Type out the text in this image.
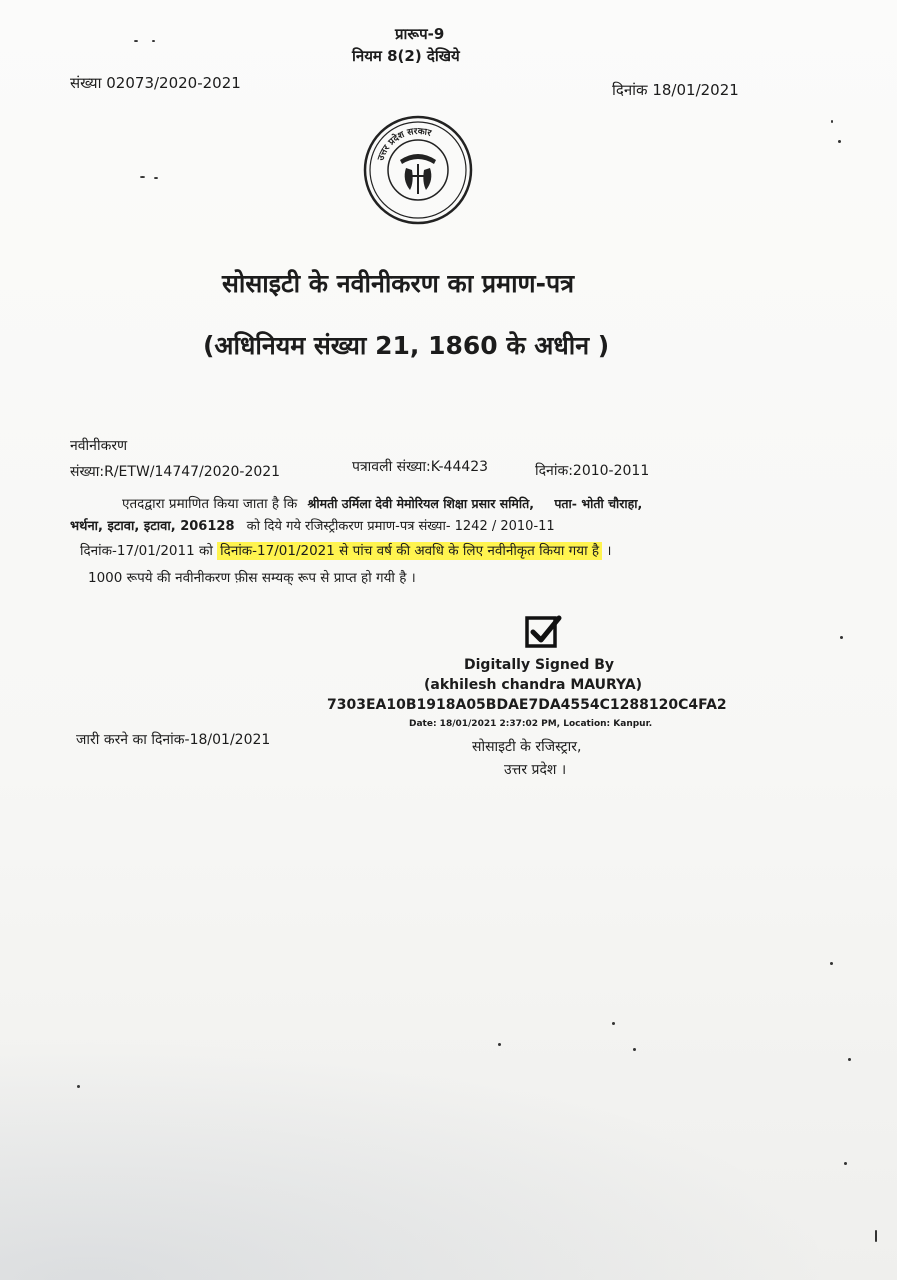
प्रारूप-9
नियम 8(2) देखिये
संख्या 02073/2020-2021	दिनांक 18/01/2021
उत्तर प्रदेश सरकार
सोसाइटी के नवीनीकरण का प्रमाण-पत्र
(अधिनियम संख्या 21, 1860 के अधीन )
नवीनीकरण
संख्या:R/ETW/14747/2020-2021	पत्रावली संख्या:K-44423	दिनांक:2010-2011
एतदद्वारा प्रमाणित किया जाता है कि श्रीमती उर्मिला देवी मेमोरियल शिक्षा प्रसार समिति, पता- भोती चौराहा,
भर्थना, इटावा, इटावा, 206128 को दिये गये रजिस्ट्रीकरण प्रमाण-पत्र संख्या- 1242 / 2010-11
दिनांक-17/01/2011 को दिनांक-17/01/2021 से पांच वर्ष की अवधि के लिए नवीनीकृत किया गया है ।
1000 रूपये की नवीनीकरण फ़ीस सम्यक् रूप से प्राप्त हो गयी है ।
Digitally Signed By
(akhilesh chandra MAURYA)
7303EA10B1918A05BDAE7DA4554C1288120C4FA2
Date: 18/01/2021 2:37:02 PM, Location: Kanpur.
जारी करने का दिनांक-18/01/2021	सोसाइटी के रजिस्ट्रार,
उत्तर प्रदेश ।
